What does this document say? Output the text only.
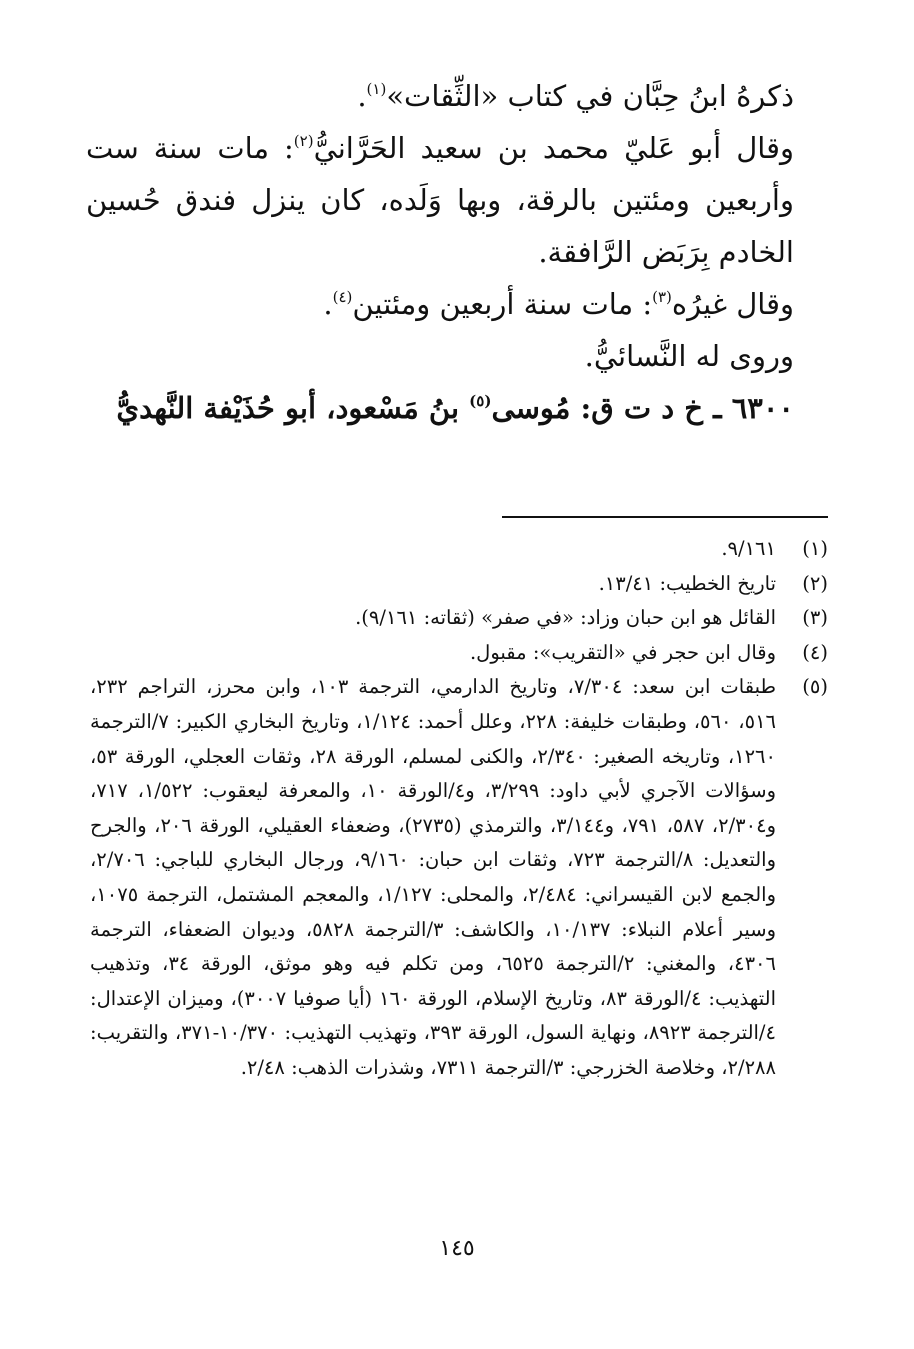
ذكرهُ ابنُ حِبَّان في كتاب «الثِّقات»$^{(١)}$.

وقال أبو عَليّ محمد بن سعيد الحَرَّانيُّ$^{(٢)}$: مات سنة ست وأربعين ومئتين بالرقة، وبها وَلَده، كان ينزل فندق حُسين الخادم بِرَبَض الرَّافقة.

وقال غيرُه$^{(٣)}$: مات سنة أربعين ومئتين$^{(٤)}$.

وروى له النَّسائيُّ.

٦٣٠٠ ـ خ د ت ق: مُوسى$^{(٥)}$ بنُ مَسْعود، أبو حُذَيْفة النَّهديُّ

(١)
٩/١٦١.
(٢)
تاريخ الخطيب: ١٣/٤١.
(٣)
القائل هو ابن حبان وزاد: «في صفر» (ثقاته: ٩/١٦١).
(٤)
وقال ابن حجر في «التقريب»: مقبول.
(٥)
طبقات ابن سعد: ٧/٣٠٤، وتاريخ الدارمي، الترجمة ١٠٣، وابن محرز، التراجم ٢٣٢، ٥١٦، ٥٦٠، وطبقات خليفة: ٢٢٨، وعلل أحمد: ١/١٢٤، وتاريخ البخاري الكبير: ٧/الترجمة ١٢٦٠، وتاريخه الصغير: ٢/٣٤٠، والكنى لمسلم، الورقة ٢٨، وثقات العجلي، الورقة ٥٣، وسؤالات الآجري لأبي داود: ٣/٢٩٩، و٤/الورقة ١٠، والمعرفة ليعقوب: ١/٥٢٢، ٧١٧، و٢/٣٠٤، ٥٨٧، ٧٩١، و٣/١٤٤، والترمذي (٢٧٣٥)، وضعفاء العقيلي، الورقة ٢٠٦، والجرح والتعديل: ٨/الترجمة ٧٢٣، وثقات ابن حبان: ٩/١٦٠، ورجال البخاري للباجي: ٢/٧٠٦، والجمع لابن القيسراني: ٢/٤٨٤، والمحلى: ١/١٢٧، والمعجم المشتمل، الترجمة ١٠٧٥، وسير أعلام النبلاء: ١٠/١٣٧، والكاشف: ٣/الترجمة ٥٨٢٨، وديوان الضعفاء، الترجمة ٤٣٠٦، والمغني: ٢/الترجمة ٦٥٢٥، ومن تكلم فيه وهو موثق، الورقة ٣٤، وتذهيب التهذيب: ٤/الورقة ٨٣، وتاريخ الإسلام، الورقة ١٦٠ (أيا صوفيا ٣٠٠٧)، وميزان الإعتدال: ٤/الترجمة ٨٩٢٣، ونهاية السول، الورقة ٣٩٣، وتهذيب التهذيب: ١٠/٣٧٠-٣٧١، والتقريب: ٢/٢٨٨، وخلاصة الخزرجي: ٣/الترجمة ٧٣١١، وشذرات الذهب: ٢/٤٨.
١٤٥
